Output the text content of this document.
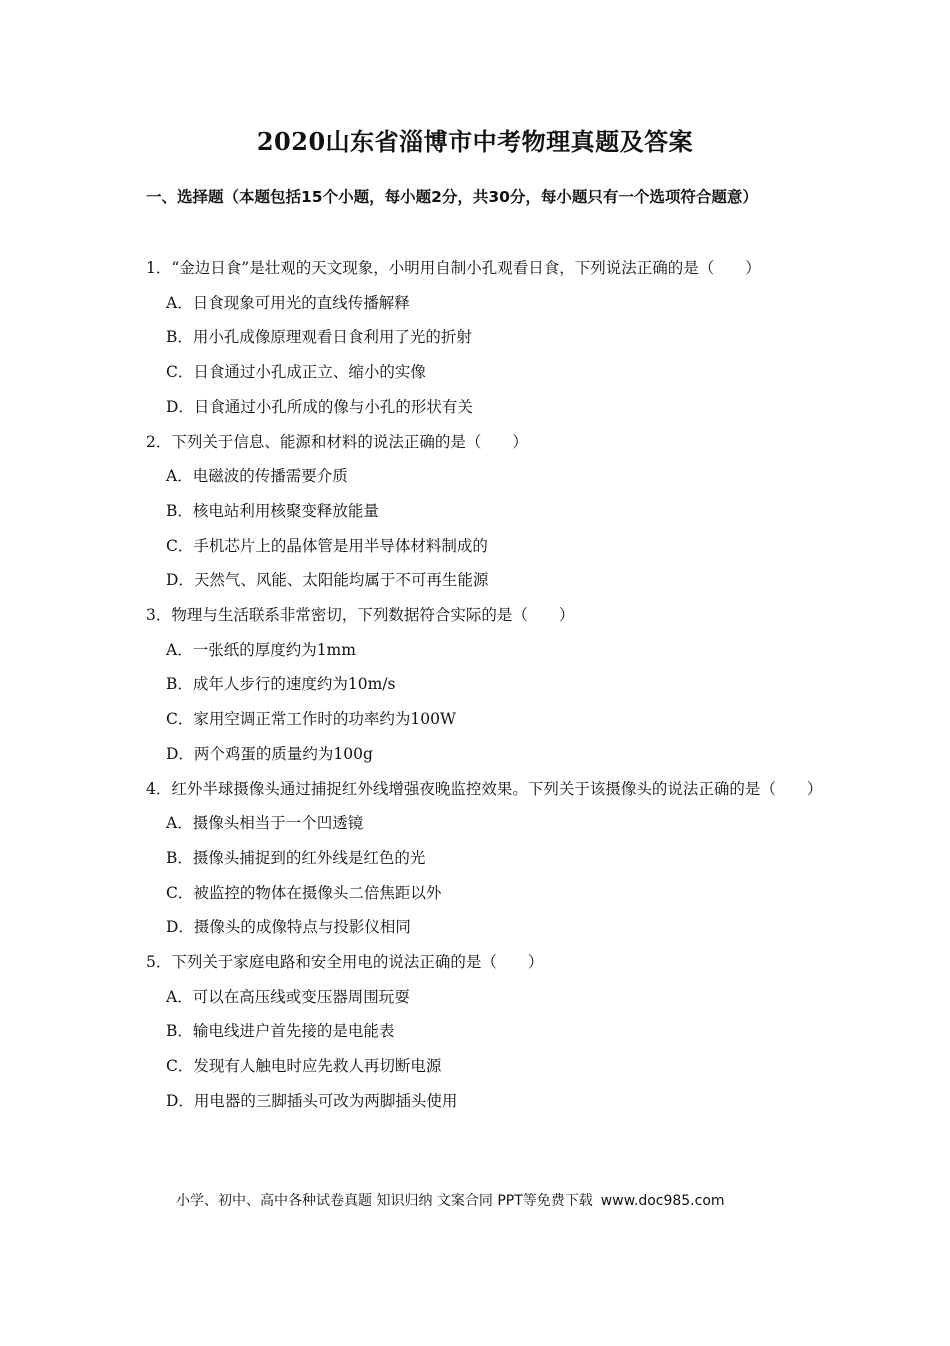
2020山东省淄博市中考物理真题及答案
一、选择题（本题包括15个小题，每小题2分，共30分，每小题只有一个选项符合题意）

1．“金边日食”是壮观的天文现象，小明用自制小孔观看日食，下列说法正确的是（　　）

A．日食现象可用光的直线传播解释

B．用小孔成像原理观看日食利用了光的折射

C．日食通过小孔成正立、缩小的实像

D．日食通过小孔所成的像与小孔的形状有关

2．下列关于信息、能源和材料的说法正确的是（　　）

A．电磁波的传播需要介质

B．核电站利用核聚变释放能量

C．手机芯片上的晶体管是用半导体材料制成的

D．天然气、风能、太阳能均属于不可再生能源

3．物理与生活联系非常密切，下列数据符合实际的是（　　）

A．一张纸的厚度约为1mm

B．成年人步行的速度约为10m/s

C．家用空调正常工作时的功率约为100W

D．两个鸡蛋的质量约为100g

4．红外半球摄像头通过捕捉红外线增强夜晚监控效果。下列关于该摄像头的说法正确的是（　　）

A．摄像头相当于一个凹透镜

B．摄像头捕捉到的红外线是红色的光

C．被监控的物体在摄像头二倍焦距以外

D．摄像头的成像特点与投影仪相同

5．下列关于家庭电路和安全用电的说法正确的是（　　）

A．可以在高压线或变压器周围玩耍

B．输电线进户首先接的是电能表

C．发现有人触电时应先救人再切断电源

D．用电器的三脚插头可改为两脚插头使用

小学、初中、高中各种试卷真题 知识归纳 文案合同 PPT等免费下载 www.doc985.com
